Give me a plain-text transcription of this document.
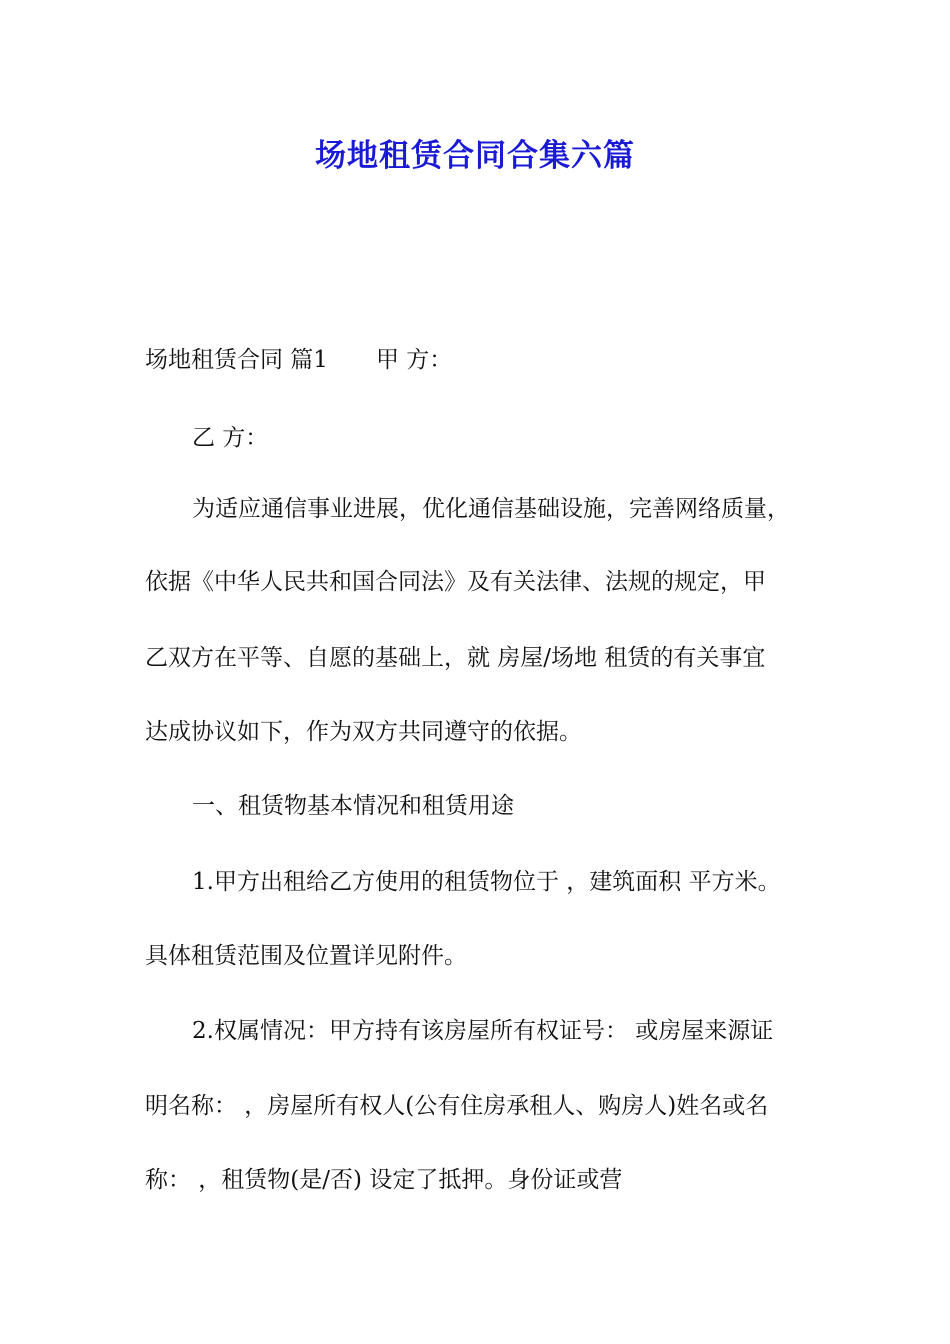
场地租赁合同合集六篇

场地租赁合同 篇1 甲 方：

乙 方：

为适应通信事业进展，优化通信基础设施，完善网络质量，

依据《中华人民共和国合同法》及有关法律、法规的规定，甲

乙双方在平等、自愿的基础上，就 房屋/场地 租赁的有关事宜

达成协议如下，作为双方共同遵守的依据。

一、租赁物基本情况和租赁用途

1.甲方出租给乙方使用的租赁物位于 ，建筑面积 平方米。

具体租赁范围及位置详见附件。

2.权属情况：甲方持有该房屋所有权证号： 或房屋来源证

明名称： ，房屋所有权人(公有住房承租人、购房人)姓名或名

称： ，租赁物(是/否) 设定了抵押。身份证或营
